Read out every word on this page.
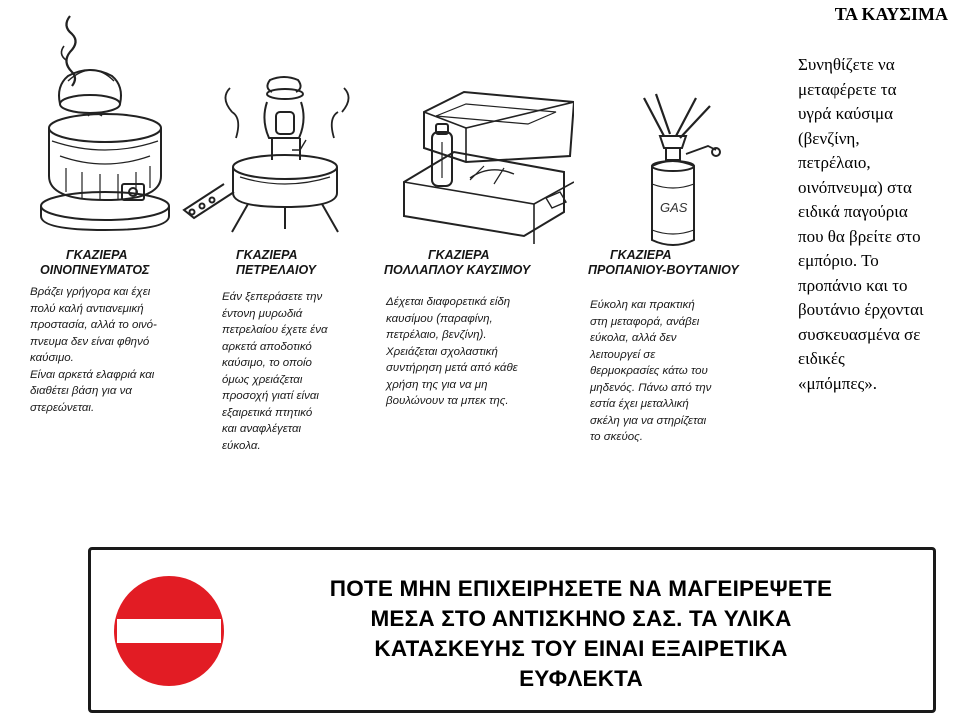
ΓΚΑΖΙΕΡΑ
ΟΙΝΟΠΝΕΥΜΑΤΟΣ
Βράζει γρήγορα και έχει
πολύ καλή αντιανεμική
προστασία, αλλά το οινό-
πνευμα δεν είναι φθηνό
καύσιμο.
Είναι αρκετά ελαφριά και
διαθέτει βάση για να
στερεώνεται.
ΓΚΑΖΙΕΡΑ
ΠΕΤΡΕΛΑΙΟΥ
Εάν ξεπεράσετε την
έντονη μυρωδιά
πετρελαίου έχετε ένα
αρκετά αποδοτικό
καύσιμο, το οποίο
όμως χρειάζεται
προσοχή γιατί είναι
εξαιρετικά πτητικό
και αναφλέγεται
εύκολα.
ΓΚΑΖΙΕΡΑ
ΠΟΛΛΑΠΛΟΥ ΚΑΥΣΙΜΟΥ
Δέχεται διαφορετικά είδη
καυσίμου (παραφίνη,
πετρέλαιο, βενζίνη).
Χρειάζεται σχολαστική
συντήρηση μετά από κάθε
χρήση της για να μη
βουλώνουν τα μπεκ της.
GAS
ΓΚΑΖΙΕΡΑ
ΠΡΟΠΑΝΙΟΥ-ΒΟΥΤΑΝΙΟΥ
Εύκολη και πρακτική
στη μεταφορά, ανάβει
εύκολα, αλλά δεν
λειτουργεί σε
θερμοκρασίες κάτω του
μηδενός. Πάνω από την
εστία έχει μεταλλική
σκέλη για να στηρίζεται
το σκεύος.
ΤΑ ΚΑΥΣΙΜΑ
Συνηθίζετε να
μεταφέρετε τα
υγρά καύσιμα
(βενζίνη,
πετρέλαιο,
οινόπνευμα) στα
ειδικά παγούρια
που θα βρείτε στο
εμπόριο. Το
προπάνιο και το
βουτάνιο έρχονται
συσκευασμένα σε
ειδικές
«μπόμπες».
ΠΟΤΕ ΜΗΝ ΕΠΙΧΕΙΡΗΣΕΤΕ ΝΑ ΜΑΓΕΙΡΕΨΕΤΕ
ΜΕΣΑ ΣΤΟ ΑΝΤΙΣΚΗΝΟ ΣΑΣ. ΤΑ ΥΛΙΚΑ
ΚΑΤΑΣΚΕΥΗΣ ΤΟΥ ΕΙΝΑΙ ΕΞΑΙΡΕΤΙΚΑ
ΕΥΦΛΕΚΤΑ
